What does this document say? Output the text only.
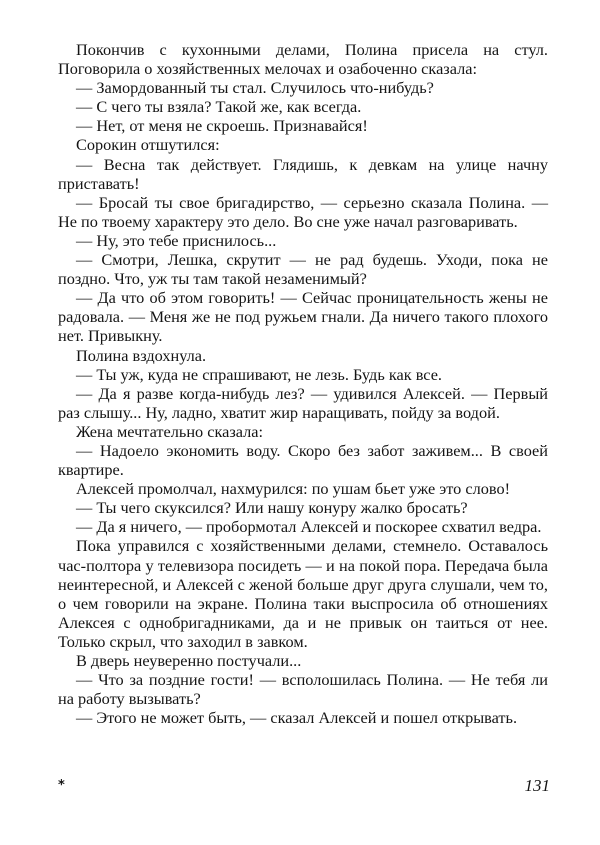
Покончив с кухонными делами, Полина присела на стул. Поговорила о хозяйственных мелочах и озабоченно сказала:

— Замордованный ты стал. Случилось что-нибудь?

— С чего ты взяла? Такой же, как всегда.

— Нет, от меня не скроешь. Признавайся!

Сорокин отшутился:

— Весна так действует. Глядишь, к девкам на улице начну приставать!

— Бросай ты свое бригадирство, — серьезно сказала Полина. — Не по твоему характеру это дело. Во сне уже начал разговаривать.

— Ну, это тебе приснилось...

— Смотри, Лешка, скрутит — не рад будешь. Уходи, пока не поздно. Что, уж ты там такой незаменимый?

— Да что об этом говорить! — Сейчас проницательность жены не радовала. — Меня же не под ружьем гнали. Да ничего такого плохого нет. Привыкну.

Полина вздохнула.

— Ты уж, куда не спрашивают, не лезь. Будь как все.

— Да я разве когда-нибудь лез? — удивился Алексей. — Первый раз слышу... Ну, ладно, хватит жир наращивать, пойду за водой.

Жена мечтательно сказала:

— Надоело экономить воду. Скоро без забот заживем... В своей квартире.

Алексей промолчал, нахмурился: по ушам бьет уже это слово!

— Ты чего скуксился? Или нашу конуру жалко бросать?

— Да я ничего, — пробормотал Алексей и поскорее схватил ведра.

Пока управился с хозяйственными делами, стемнело. Оставалось час-полтора у телевизора посидеть — и на покой пора. Передача была неинтересной, и Алексей с женой больше друг друга слушали, чем то, о чем говорили на экране. Полина таки выспросила об отношениях Алексея с однобригадниками, да и не привык он таиться от нее. Только скрыл, что заходил в завком.

В дверь неуверенно постучали...

— Что за поздние гости! — всполошилась Полина. — Не тебя ли на работу вызывать?

— Этого не может быть, — сказал Алексей и пошел открывать.

*	131
